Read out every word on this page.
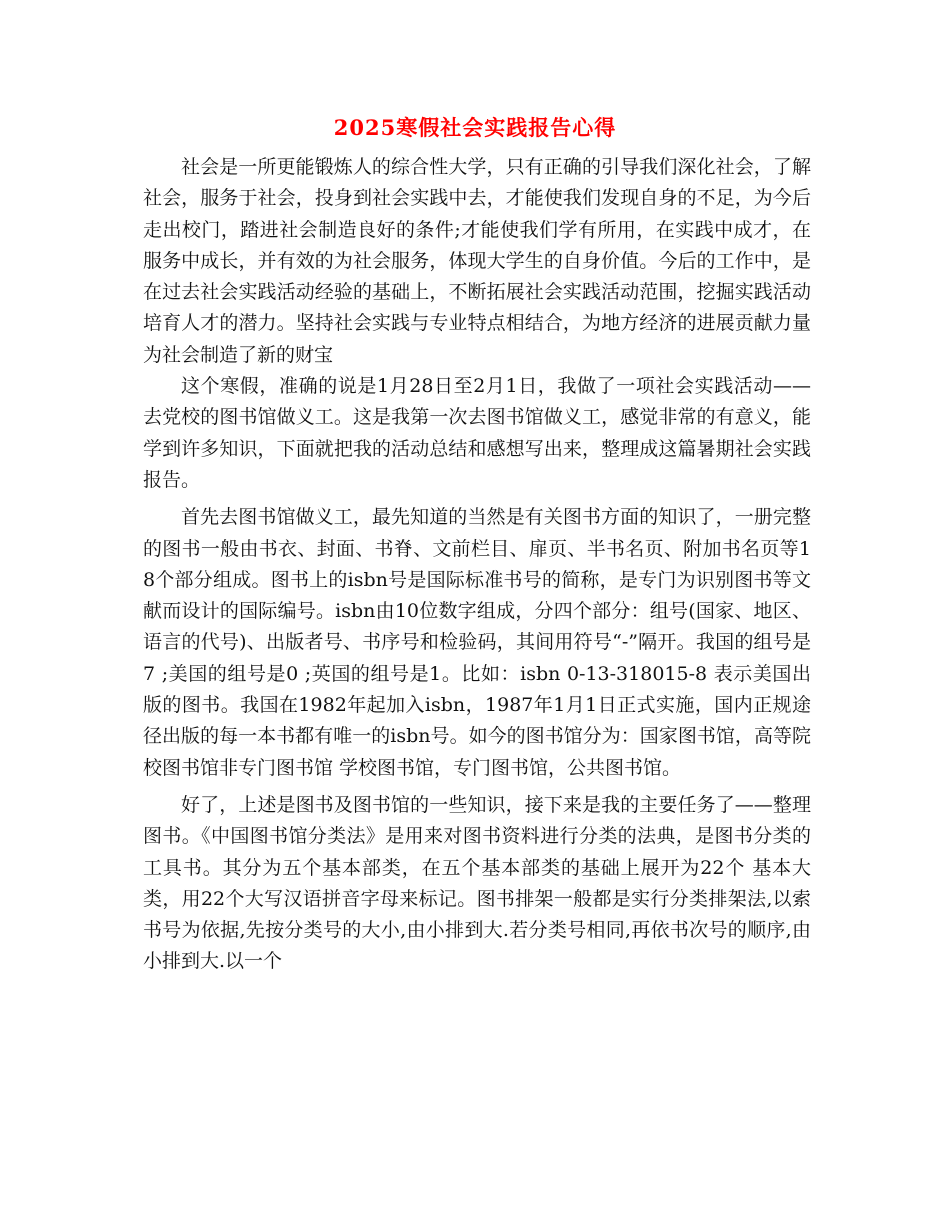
2025寒假社会实践报告心得

社会是一所更能锻炼人的综合性大学，只有正确的引导我们深化社会，了解社会，服务于社会，投身到社会实践中去，才能使我们发现自身的不足，为今后走出校门，踏进社会制造良好的条件;才能使我们学有所用，在实践中成才，在服务中成长，并有效的为社会服务，体现大学生的自身价值。今后的工作中，是在过去社会实践活动经验的基础上，不断拓展社会实践活动范围，挖掘实践活动培育人才的潜力。坚持社会实践与专业特点相结合，为地方经济的进展贡献力量为社会制造了新的财宝

这个寒假，准确的说是1月28日至2月1日，我做了一项社会实践活动——去党校的图书馆做义工。这是我第一次去图书馆做义工，感觉非常的有意义，能学到许多知识，下面就把我的活动总结和感想写出来，整理成这篇暑期社会实践报告。

首先去图书馆做义工，最先知道的当然是有关图书方面的知识了，一册完整的图书一般由书衣、封面、书脊、文前栏目、扉页、半书名页、附加书名页等18个部分组成。图书上的isbn号是国际标准书号的简称，是专门为识别图书等文献而设计的国际编号。isbn由10位数字组成，分四个部分：组号(国家、地区、语言的代号)、出版者号、书序号和检验码，其间用符号“-”隔开。我国的组号是7 ;美国的组号是0 ;英国的组号是1。比如：isbn 0-13-318015-8 表示美国出版的图书。我国在1982年起加入isbn，1987年1月1日正式实施，国内正规途径出版的每一本书都有唯一的isbn号。如今的图书馆分为：国家图书馆，高等院校图书馆非专门图书馆 学校图书馆，专门图书馆，公共图书馆。

好了，上述是图书及图书馆的一些知识，接下来是我的主要任务了——整理图书。《中国图书馆分类法》是用来对图书资料进行分类的法典，是图书分类的工具书。其分为五个基本部类，在五个基本部类的基础上展开为22个 基本大类，用22个大写汉语拼音字母来标记。图书排架一般都是实行分类排架法,以索书号为依据,先按分类号的大小,由小排到大.若分类号相同,再依书次号的顺序,由小排到大.以一个
